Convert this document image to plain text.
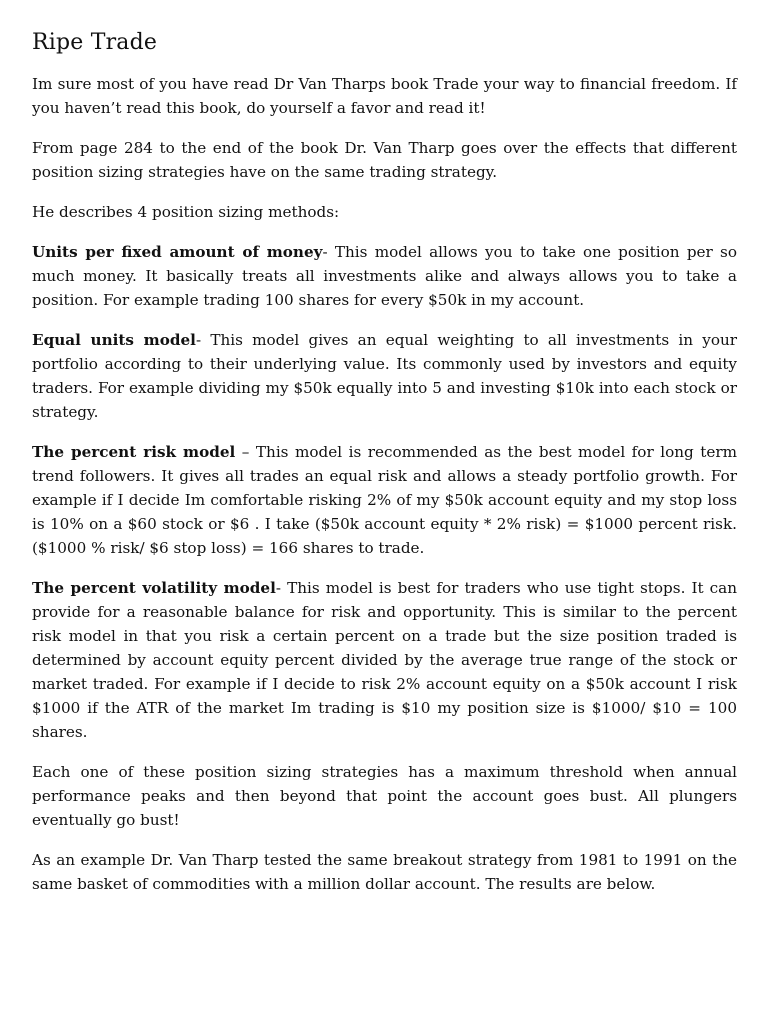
Ripe Trade

Im sure most of you have read Dr Van Tharps book Trade your way to financial freedom. If you haven’t read this book, do yourself a favor and read it!

From page 284 to the end of the book Dr. Van Tharp goes over the effects that different position sizing strategies have on the same trading strategy.

He describes 4 position sizing methods:

Units per fixed amount of money- This model allows you to take one position per so much money. It basically treats all investments alike and always allows you to take a position. For example trading 100 shares for every $50k in my account.

Equal units model- This model gives an equal weighting to all investments in your portfolio according to their underlying value. Its commonly used by investors and equity traders. For example dividing my $50k equally into 5 and investing $10k into each stock or strategy.

The percent risk model – This model is recommended as the best model for long term trend followers. It gives all trades an equal risk and allows a steady portfolio growth. For example if I decide Im comfortable risking 2% of my $50k account equity and my stop loss is 10% on a $60 stock or $6 . I take ($50k account equity * 2% risk) = $1000 percent risk. ($1000 % risk/ $6 stop loss) = 166 shares to trade.

The percent volatility model- This model is best for traders who use tight stops. It can provide for a reasonable balance for risk and opportunity. This is similar to the percent risk model in that you risk a certain percent on a trade but the size position traded is determined by account equity percent divided by the average true range of the stock or market traded. For example if I decide to risk 2% account equity on a $50k account I risk $1000 if the ATR of the market Im trading is $10 my position size is $1000/ $10 = 100 shares.

Each one of these position sizing strategies has a maximum threshold when annual performance peaks and then beyond that point the account goes bust. All plungers eventually go bust!

As an example Dr. Van Tharp tested the same breakout strategy from 1981 to 1991 on the same basket of commodities with a million dollar account. The results are below.
